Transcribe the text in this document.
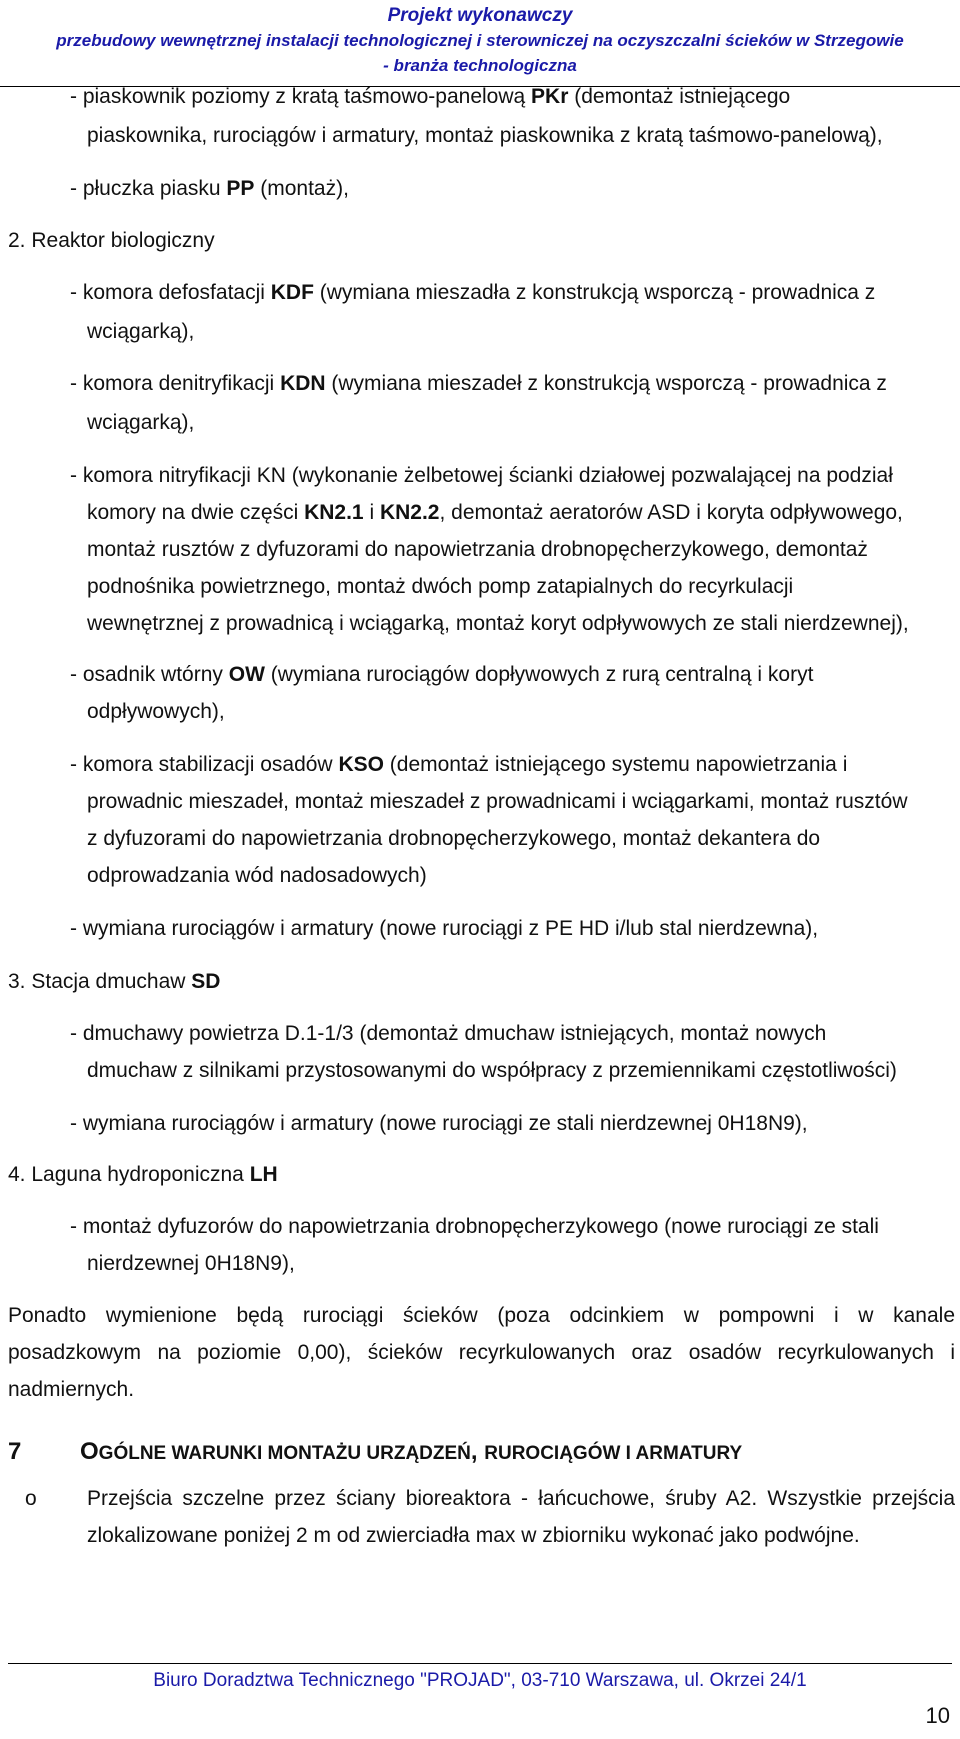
Projekt wykonawczy
przebudowy wewnętrznej instalacji technologicznej i sterowniczej na oczyszczalni ścieków w Strzegowie
- branża technologiczna
- piaskownik poziomy z kratą taśmowo-panelową PKr (demontaż istniejącego
piaskownika, rurociągów i armatury, montaż piaskownika z kratą taśmowo-panelową),
- płuczka piasku PP (montaż),
2. Reaktor biologiczny
- komora defosfatacji KDF (wymiana mieszadła z konstrukcją wsporczą - prowadnica z
wciągarką),
- komora denitryfikacji KDN (wymiana mieszadeł z konstrukcją wsporczą - prowadnica z
wciągarką),
- komora nitryfikacji KN (wykonanie żelbetowej ścianki działowej pozwalającej na podział
komory na dwie części KN2.1 i KN2.2, demontaż aeratorów ASD i koryta odpływowego,
montaż rusztów z dyfuzorami do napowietrzania drobnopęcherzykowego, demontaż
podnośnika powietrznego, montaż dwóch pomp zatapialnych do recyrkulacji
wewnętrznej z prowadnicą i wciągarką, montaż koryt odpływowych ze stali nierdzewnej),
- osadnik wtórny OW (wymiana rurociągów dopływowych z rurą centralną i koryt
odpływowych),
- komora stabilizacji osadów KSO (demontaż istniejącego systemu napowietrzania i
prowadnic mieszadeł, montaż mieszadeł z prowadnicami i wciągarkami, montaż rusztów
z dyfuzorami do napowietrzania drobnopęcherzykowego, montaż dekantera do
odprowadzania wód nadosadowych)
- wymiana rurociągów i armatury (nowe rurociągi z PE HD i/lub stal nierdzewna),
3. Stacja dmuchaw SD
- dmuchawy powietrza D.1-1/3 (demontaż dmuchaw istniejących, montaż nowych
dmuchaw z silnikami przystosowanymi do współpracy z przemiennikami częstotliwości)
- wymiana rurociągów i armatury (nowe rurociągi ze stali nierdzewnej 0H18N9),
4. Laguna hydroponiczna LH
- montaż dyfuzorów do napowietrzania drobnopęcherzykowego (nowe rurociągi ze stali
nierdzewnej 0H18N9),
Ponadto wymienione będą rurociągi ścieków (poza odcinkiem w pompowni i w kanale
posadzkowym na poziomie 0,00), ścieków recyrkulowanych oraz osadów recyrkulowanych i
nadmiernych.
o Przejścia szczelne przez ściany bioreaktora - łańcuchowe, śruby A2. Wszystkie przejścia
zlokalizowane poniżej 2 m od zwierciadła max w zbiorniku wykonać jako podwójne.
7 OGÓLNE WARUNKI MONTAŻU URZĄDZEŃ, RUROCIĄGÓW I ARMATURY
Biuro Doradztwa Technicznego "PROJAD", 03-710 Warszawa, ul. Okrzei 24/1
10
